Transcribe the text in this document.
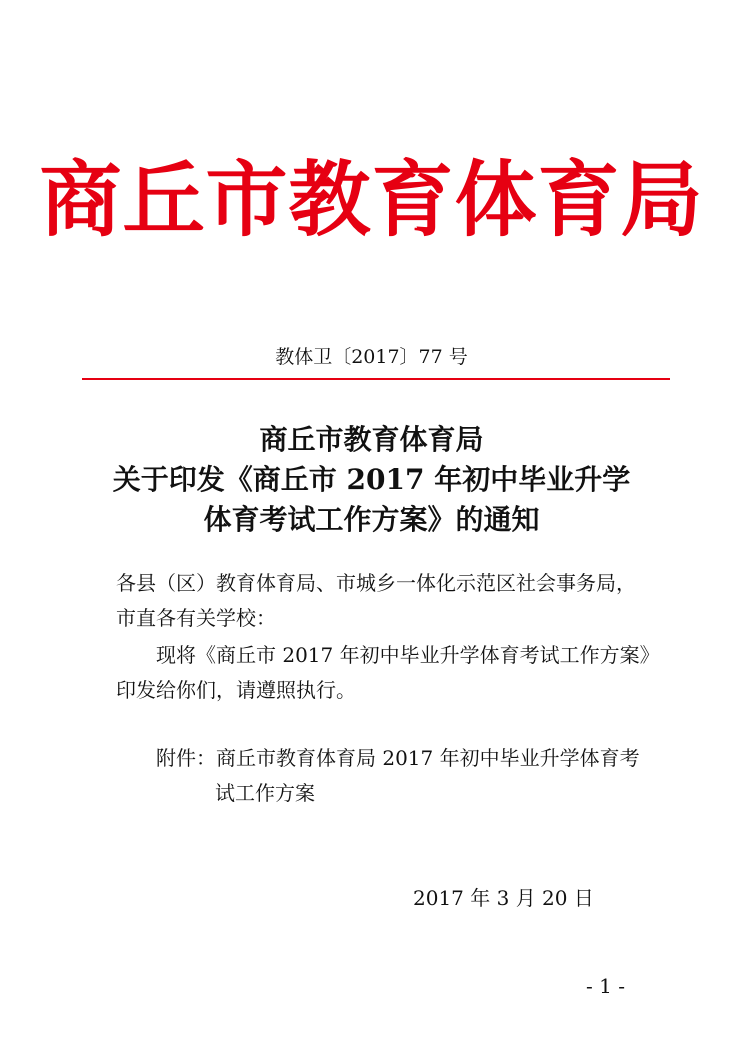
商丘市教育体育局
教体卫〔2017〕77 号
商丘市教育体育局
关于印发《商丘市 2017 年初中毕业升学
体育考试工作方案》的通知
各县（区）教育体育局、市城乡一体化示范区社会事务局，
市直各有关学校：
现将《商丘市 2017 年初中毕业升学体育考试工作方案》
印发给你们，请遵照执行。
附件：商丘市教育体育局 2017 年初中毕业升学体育考
试工作方案
2017 年 3 月 20 日
- 1 -
